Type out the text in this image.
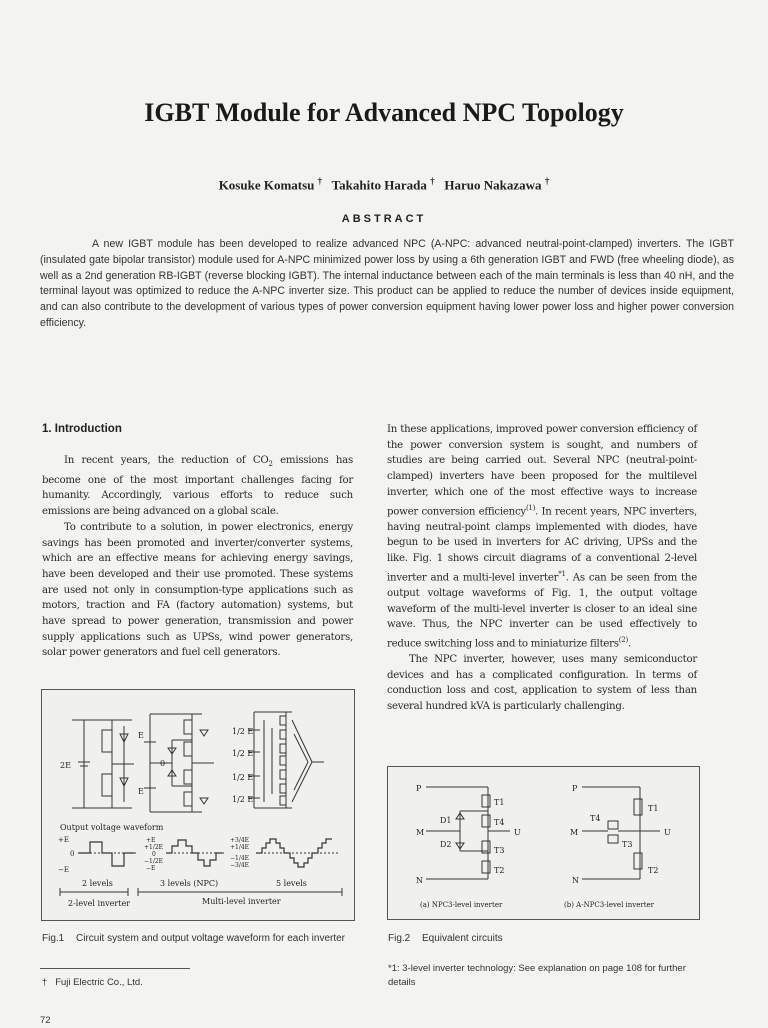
IGBT Module for Advanced NPC Topology
Kosuke Komatsu † Takahito Harada † Haruo Nakazawa †
ABSTRACT
A new IGBT module has been developed to realize advanced NPC (A-NPC: advanced neutral-point-clamped) inverters. The IGBT (insulated gate bipolar transistor) module used for A-NPC minimized power loss by using a 6th generation IGBT and FWD (free wheeling diode), as well as a 2nd generation RB-IGBT (reverse blocking IGBT). The internal inductance between each of the main terminals is less than 40 nH, and the terminal layout was optimized to reduce the A-NPC inverter size. This product can be applied to reduce the number of devices inside equipment, and can also contribute to the development of various types of power conversion equipment having lower power loss and higher power conversion efficiency.
1. Introduction

In recent years, the reduction of $CO_2$ emissions has become one of the most important challenges facing for humanity. Accordingly, various efforts to reduce such emissions are being advanced on a global scale.

To contribute to a solution, in power electronics, energy savings has been promoted and inverter/converter systems, which are an effective means for achieving energy savings, have been developed and their use promoted. These systems are used not only in consumption-type applications such as motors, traction and FA (factory automation) systems, but have spread to power generation, transmission and power supply applications such as UPSs, wind power generators, solar power generators and fuel cell generators.

In these applications, improved power conversion efficiency of the power conversion system is sought, and numbers of studies are being carried out. Several NPC (neutral-point-clamped) inverters have been proposed for the multilevel inverter, which one of the most effective ways to increase power conversion efficiency$^{(1)}$. In recent years, NPC inverters, having neutral-point clamps implemented with diodes, have begun to be used in inverters for AC driving, UPSs and the like. Fig. 1 shows circuit diagrams of a conventional 2-level inverter and a multi-level inverter$^{*1}$. As can be seen from the output voltage waveforms of Fig. 1, the output voltage waveform of the multi-level inverter is closer to an ideal sine wave. Thus, the NPC inverter can be used effectively to reduce switching loss and to miniaturize filters$^{(2)}$.

The NPC inverter, however, uses many semiconductor devices and has a complicated configuration. In terms of conduction loss and cost, application to system of less than several hundred kVA is particularly challenging.

2E
E
E
0
1/2 E
1/2 E
1/2 E
1/2 E
Output voltage waveform
+E
0
−E
+E
+1/2E
0
−1/2E
−E
+3/4E
+1/4E
−1/4E
−3/4E
2 levels	3 levels (NPC)	5 levels
2-level inverter	Multi-level inverter
Fig.1 Circuit system and output voltage waveform for each inverter
P
M
N
U
T1
T4
T3
T2
D1
D2
(a) NPC3-level inverter
P
M
N
U
T1
T4
T3
T2
(b) A-NPC3-level inverter
Fig.2 Equivalent circuits
† Fuji Electric Co., Ltd.
*1: 3-level inverter technology: See explanation on page 108 for further details
72
